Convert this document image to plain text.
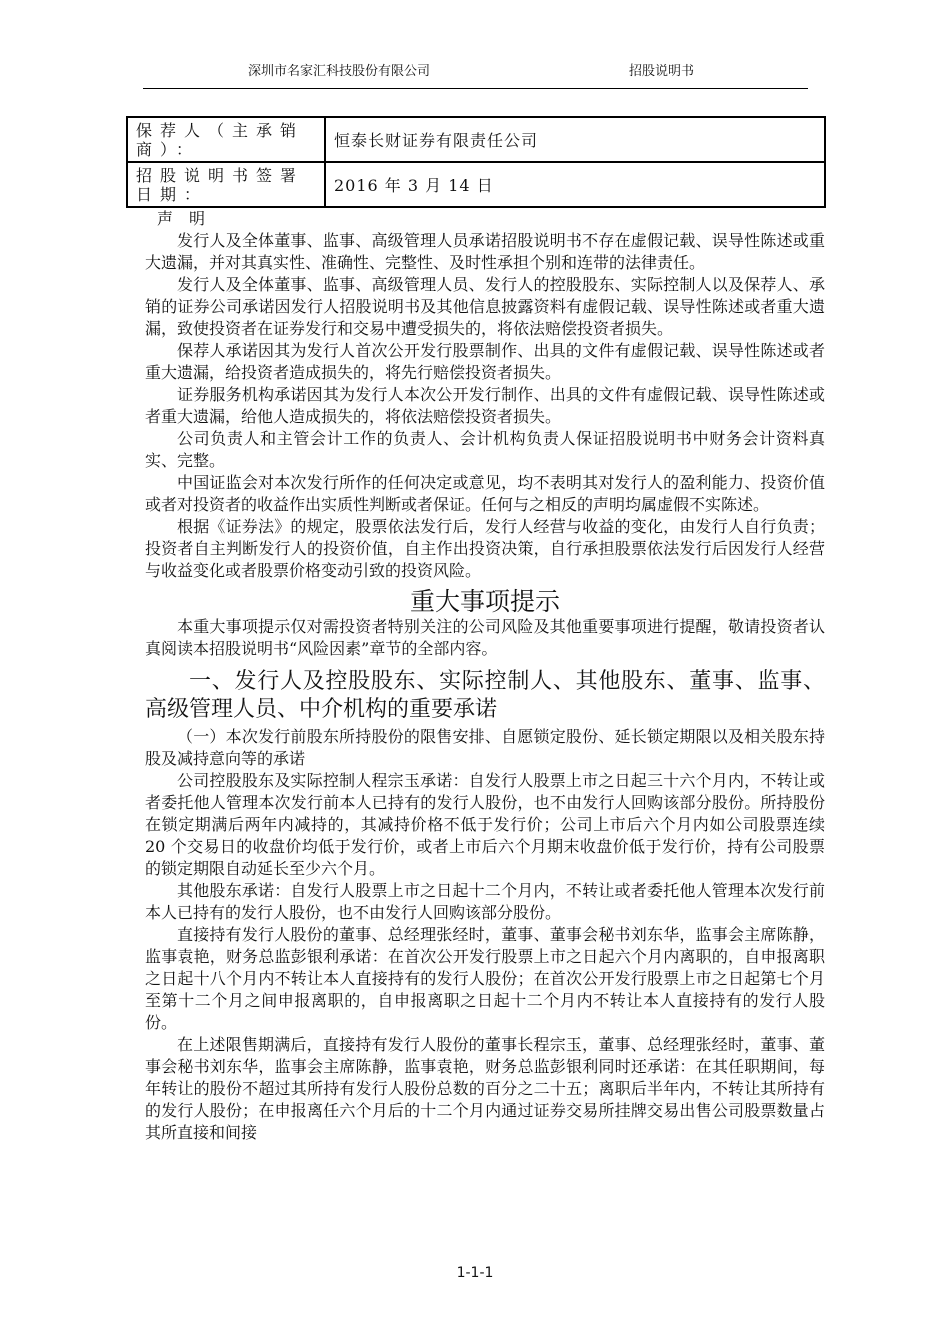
深圳市名家汇科技股份有限公司	招股说明书
保荐人（主承销商）：	恒泰长财证券有限责任公司
招股说明书签署日期：	2016 年 3 月 14 日

声明

发行人及全体董事、监事、高级管理人员承诺招股说明书不存在虚假记载、误导性陈述或重大遗漏，并对其真实性、准确性、完整性、及时性承担个别和连带的法律责任。

发行人及全体董事、监事、高级管理人员、发行人的控股股东、实际控制人以及保荐人、承销的证券公司承诺因发行人招股说明书及其他信息披露资料有虚假记载、误导性陈述或者重大遗漏，致使投资者在证券发行和交易中遭受损失的，将依法赔偿投资者损失。

保荐人承诺因其为发行人首次公开发行股票制作、出具的文件有虚假记载、误导性陈述或者重大遗漏，给投资者造成损失的，将先行赔偿投资者损失。

证券服务机构承诺因其为发行人本次公开发行制作、出具的文件有虚假记载、误导性陈述或者重大遗漏，给他人造成损失的，将依法赔偿投资者损失。

公司负责人和主管会计工作的负责人、会计机构负责人保证招股说明书中财务会计资料真实、完整。

中国证监会对本次发行所作的任何决定或意见，均不表明其对发行人的盈利能力、投资价值或者对投资者的收益作出实质性判断或者保证。任何与之相反的声明均属虚假不实陈述。

根据《证券法》的规定，股票依法发行后，发行人经营与收益的变化，由发行人自行负责；投资者自主判断发行人的投资价值，自主作出投资决策，自行承担股票依法发行后因发行人经营与收益变化或者股票价格变动引致的投资风险。

重大事项提示

本重大事项提示仅对需投资者特别关注的公司风险及其他重要事项进行提醒，敬请投资者认真阅读本招股说明书“风险因素”章节的全部内容。

一、发行人及控股股东、实际控制人、其他股东、董事、监事、高级管理人员、中介机构的重要承诺

（一）本次发行前股东所持股份的限售安排、自愿锁定股份、延长锁定期限以及相关股东持股及减持意向等的承诺

公司控股股东及实际控制人程宗玉承诺：自发行人股票上市之日起三十六个月内，不转让或者委托他人管理本次发行前本人已持有的发行人股份，也不由发行人回购该部分股份。所持股份在锁定期满后两年内减持的，其减持价格不低于发行价；公司上市后六个月内如公司股票连续 20 个交易日的收盘价均低于发行价，或者上市后六个月期末收盘价低于发行价，持有公司股票的锁定期限自动延长至少六个月。

其他股东承诺：自发行人股票上市之日起十二个月内，不转让或者委托他人管理本次发行前本人已持有的发行人股份，也不由发行人回购该部分股份。

直接持有发行人股份的董事、总经理张经时，董事、董事会秘书刘东华，监事会主席陈静，监事袁艳，财务总监彭银利承诺：在首次公开发行股票上市之日起六个月内离职的，自申报离职之日起十八个月内不转让本人直接持有的发行人股份；在首次公开发行股票上市之日起第七个月至第十二个月之间申报离职的，自申报离职之日起十二个月内不转让本人直接持有的发行人股份。

在上述限售期满后，直接持有发行人股份的董事长程宗玉，董事、总经理张经时，董事、董事会秘书刘东华，监事会主席陈静，监事袁艳，财务总监彭银利同时还承诺：在其任职期间，每年转让的股份不超过其所持有发行人股份总数的百分之二十五；离职后半年内，不转让其所持有的发行人股份；在申报离任六个月后的十二个月内通过证券交易所挂牌交易出售公司股票数量占其所直接和间接

1-1-1
